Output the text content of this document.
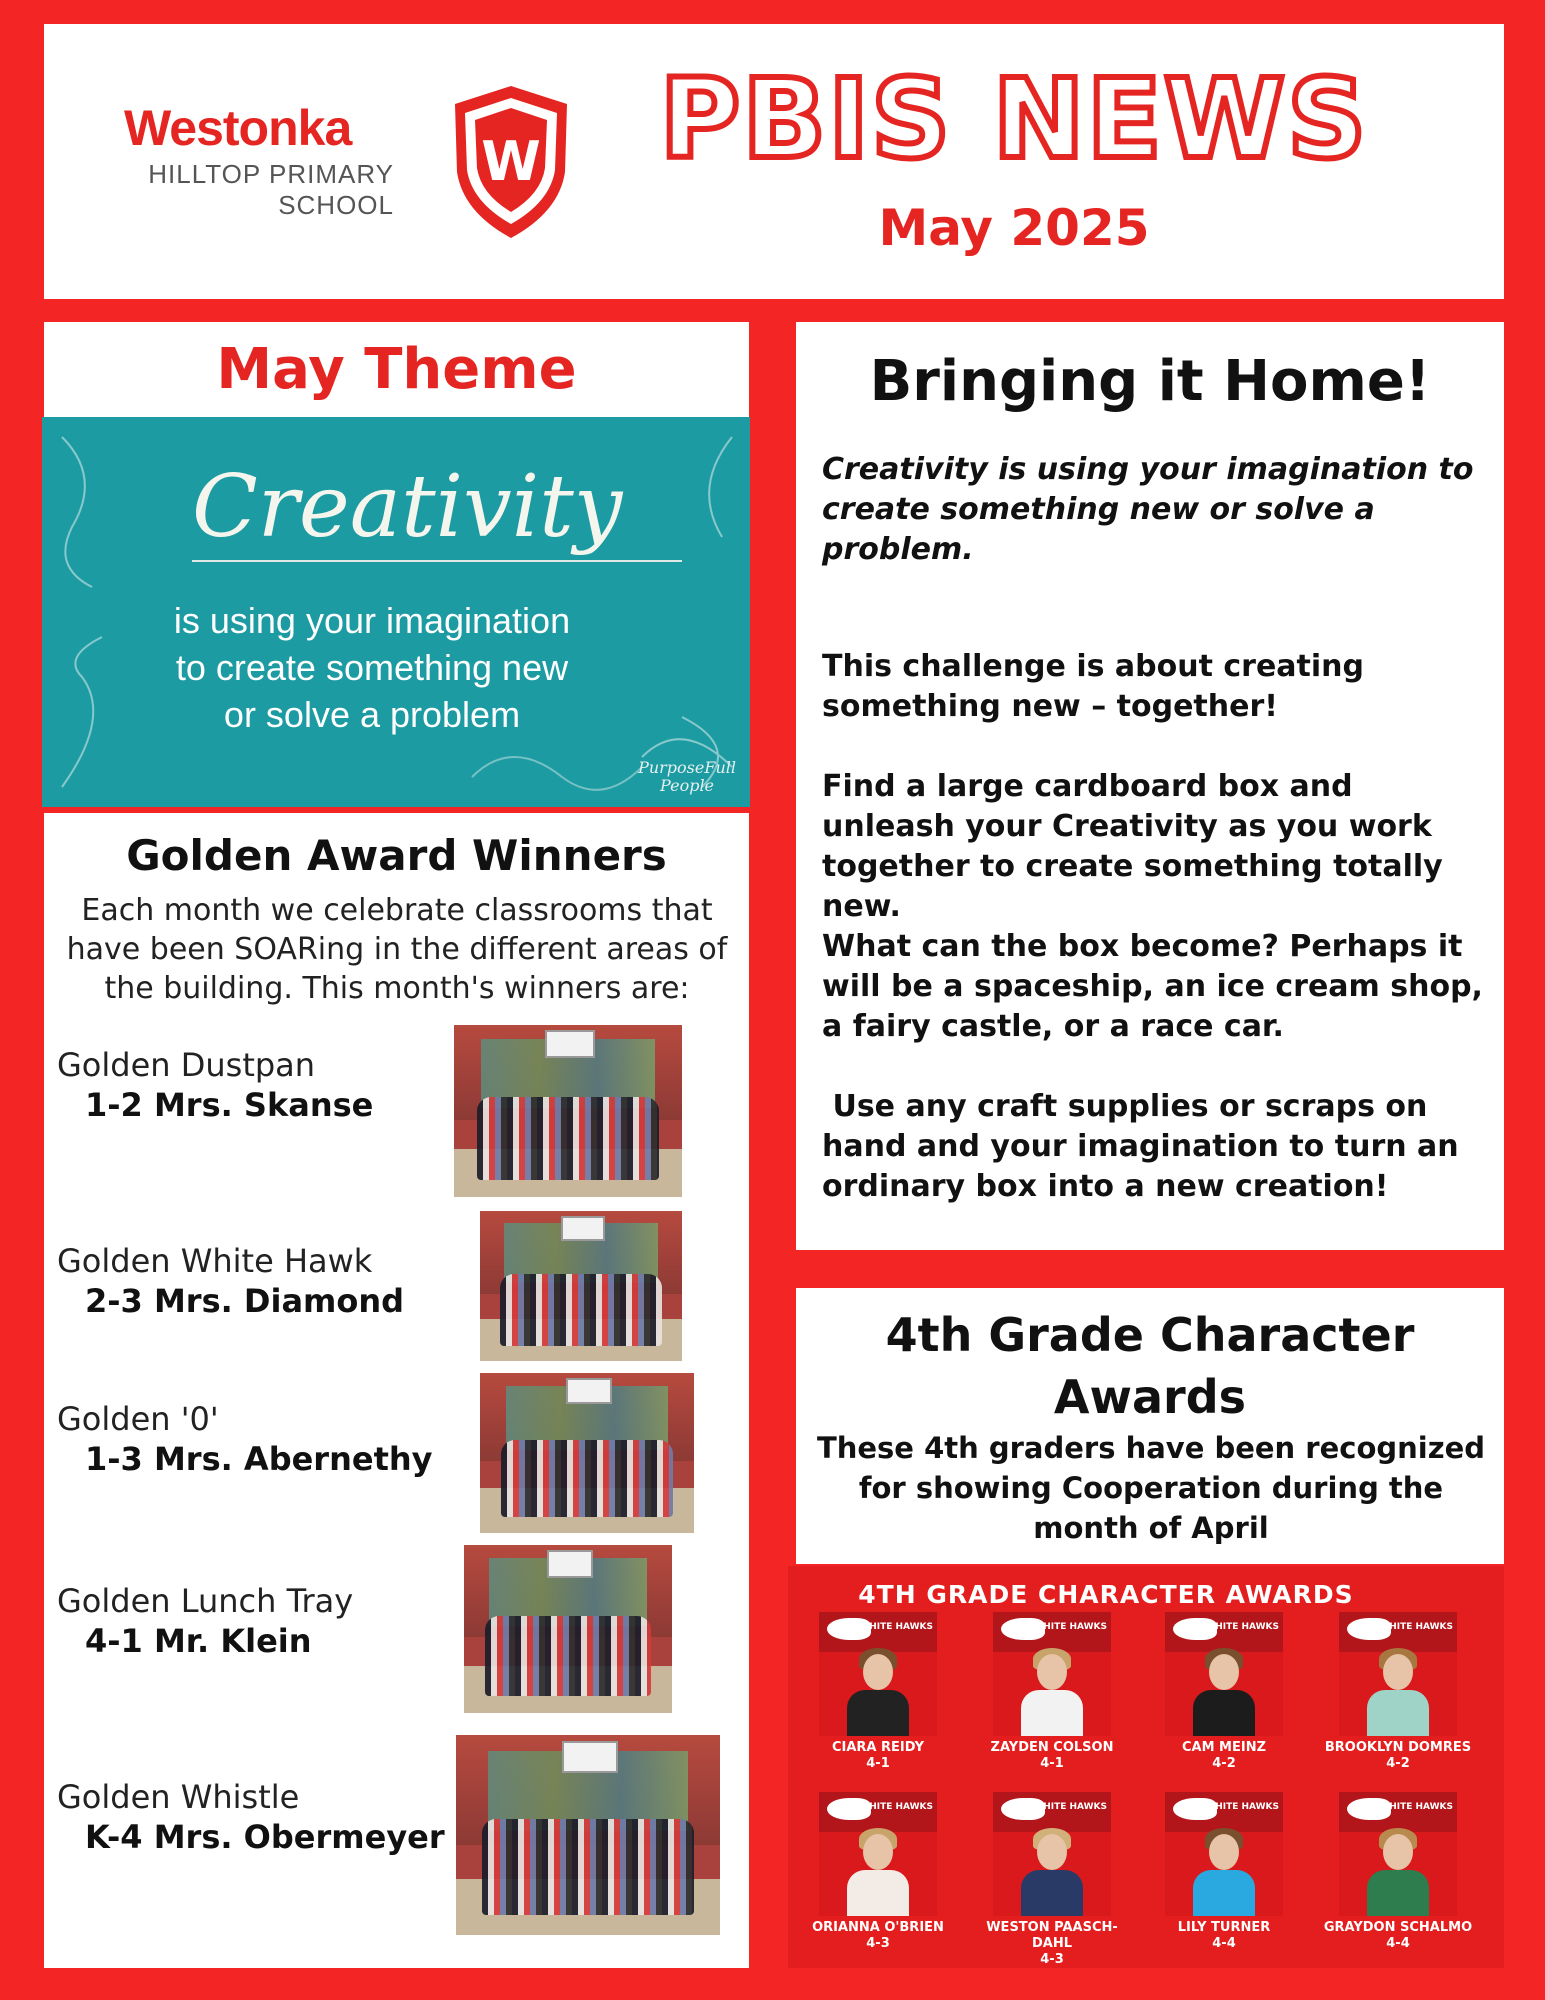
Westonka
HILLTOP PRIMARY
SCHOOL
W	PBIS NEWS
May 2025
May Theme
Creativity
is using your imagination to create something new or solve a problem
PurposeFull
People
Golden Award Winners
Each month we celebrate classrooms that have been SOARing in the different areas of the building. This month's winners are:
Golden Dustpan
1-2 Mrs. Skanse
Golden White Hawk
2-3 Mrs. Diamond
Golden '0'
1-3 Mrs. Abernethy
Golden Lunch Tray
4-1 Mr. Klein
Golden Whistle
K-4 Mrs. Obermeyer
Bringing it Home!
Creativity is using your imagination to create something new or solve a problem.

This challenge is about creating something new – together!

Find a large cardboard box and unleash your Creativity as you work together to create something totally new.

What can the box become? Perhaps it will be a spaceship, an ice cream shop, a fairy castle, or a race car.

Use any craft supplies or scraps on hand and your imagination to turn an ordinary box into a new creation!

4th Grade Character Awards
These 4th graders have been recognized for showing Cooperation during the month of April
4TH GRADE CHARACTER AWARDS
WHITE HAWKS
CIARA REIDY
4-1
WHITE HAWKS
ZAYDEN COLSON
4-1
WHITE HAWKS
CAM MEINZ
4-2
WHITE HAWKS
BROOKLYN DOMRES
4-2
WHITE HAWKS
ORIANNA O'BRIEN
4-3
WHITE HAWKS
WESTON PAASCH-DAHL
4-3
WHITE HAWKS
LILY TURNER
4-4
WHITE HAWKS
GRAYDON SCHALMO
4-4
